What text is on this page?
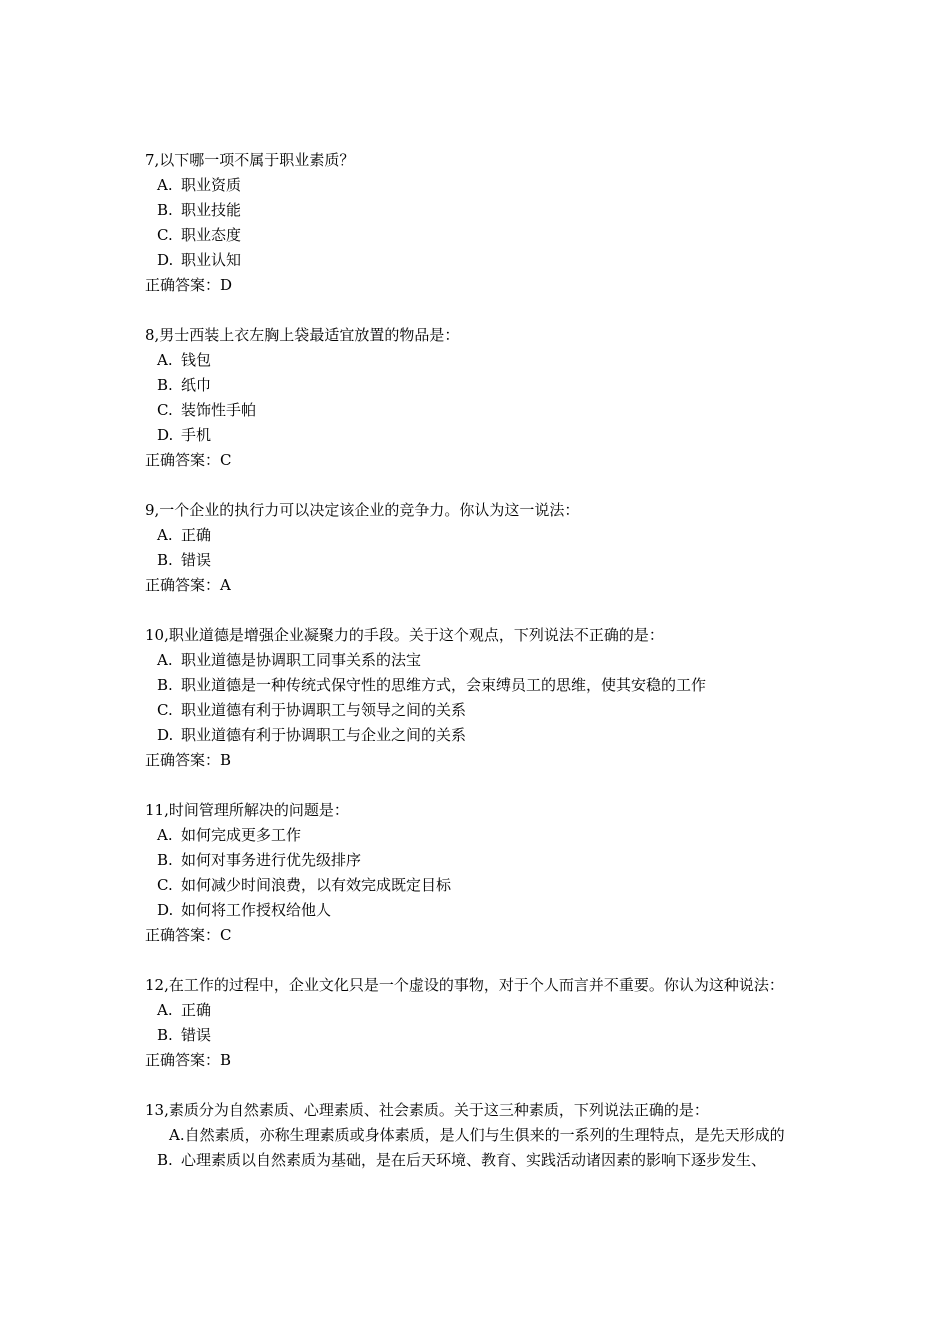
7,以下哪一项不属于职业素质？
A. 职业资质
B. 职业技能
C. 职业态度
D. 职业认知
正确答案：D
8,男士西装上衣左胸上袋最适宜放置的物品是：
A. 钱包
B. 纸巾
C. 装饰性手帕
D. 手机
正确答案：C
9,一个企业的执行力可以决定该企业的竞争力。你认为这一说法：
A. 正确
B. 错误
正确答案：A
10,职业道德是增强企业凝聚力的手段。关于这个观点，下列说法不正确的是：
A. 职业道德是协调职工同事关系的法宝
B. 职业道德是一种传统式保守性的思维方式，会束缚员工的思维，使其安稳的工作
C. 职业道德有利于协调职工与领导之间的关系
D. 职业道德有利于协调职工与企业之间的关系
正确答案：B
11,时间管理所解决的问题是：
A. 如何完成更多工作
B. 如何对事务进行优先级排序
C. 如何减少时间浪费，以有效完成既定目标
D. 如何将工作授权给他人
正确答案：C
12,在工作的过程中，企业文化只是一个虚设的事物，对于个人而言并不重要。你认为这种说法：
A. 正确
B. 错误
正确答案：B
13,素质分为自然素质、心理素质、社会素质。关于这三种素质，下列说法正确的是：
A.自然素质，亦称生理素质或身体素质，是人们与生俱来的一系列的生理特点，是先天形成的
B. 心理素质以自然素质为基础，是在后天环境、教育、实践活动诸因素的影响下逐步发生、
